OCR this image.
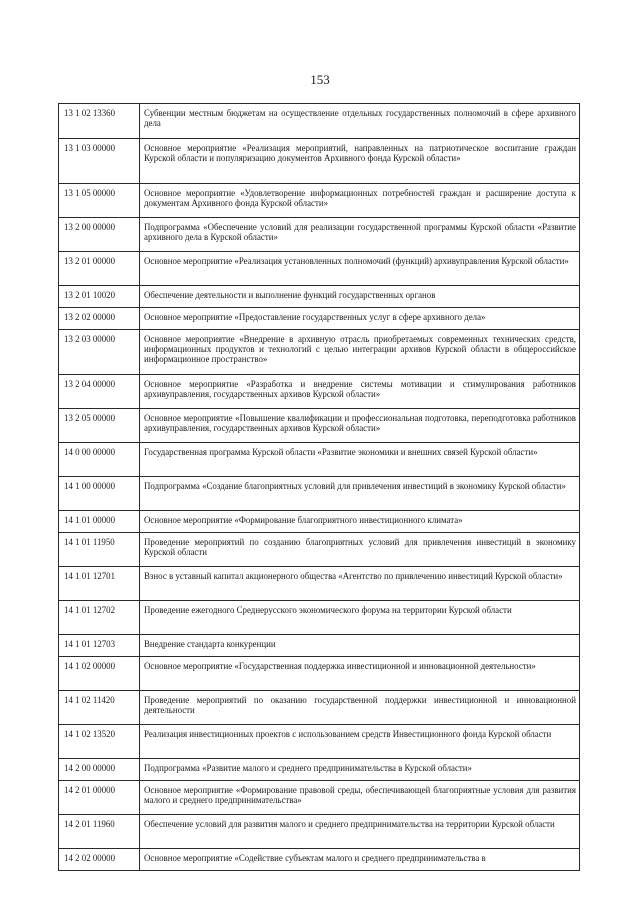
153
13 1 02 13360	Субвенции местным бюджетам на осуществление отдельных государственных полномочий в сфере архивного дела
13 1 03 00000	Основное мероприятие «Реализация мероприятий, направленных на патриотическое воспитание граждан Курской области и популяризацию документов Архивного фонда Курской области»
13 1 05 00000	Основное мероприятие «Удовлетворение информационных потребностей граждан и расширение доступа к документам Архивного фонда Курской области»
13 2 00 00000	Подпрограмма «Обеспечение условий для реализации государственной программы Курской области «Развитие архивного дела в Курской области»
13 2 01 00000	Основное мероприятие «Реализация установленных полномочий (функций) архивуправления Курской области»
13 2 01 10020	Обеспечение деятельности и выполнение функций государственных органов
13 2 02 00000	Основное мероприятие «Предоставление государственных услуг в сфере архивного дела»
13 2 03 00000	Основное мероприятие «Внедрение в архивную отрасль приобретаемых современных технических средств, информационных продуктов и технологий с целью интеграции архивов Курской области в общероссийское информационное пространство»
13 2 04 00000	Основное мероприятие «Разработка и внедрение системы мотивации и стимулирования работников архивуправления, государственных архивов Курской области»
13 2 05 00000	Основное мероприятие «Повышение квалификации и профессиональная подготовка, переподготовка работников архивуправления, государственных архивов Курской области»
14 0 00 00000	Государственная программа Курской области «Развитие экономики и внешних связей Курской области»
14 1 00 00000	Подпрограмма «Создание благоприятных условий для привлечения инвестиций в экономику Курской области»
14 1 01 00000	Основное мероприятие «Формирование благоприятного инвестиционного климата»
14 1 01 11950	Проведение мероприятий по созданию благоприятных условий для привлечения инвестиций в экономику Курской области
14 1 01 12701	Взнос в уставный капитал акционерного общества «Агентство по привлечению инвестиций Курской области»
14 1 01 12702	Проведение ежегодного Среднерусского экономического форума на территории Курской области
14 1 01 12703	Внедрение стандарта конкуренции
14 1 02 00000	Основное мероприятие «Государственная поддержка инвестиционной и инновационной деятельности»
14 1 02 11420	Проведение мероприятий по оказанию государственной поддержки инвестиционной и инновационной деятельности
14 1 02 13520	Реализация инвестиционных проектов с использованием средств Инвестиционного фонда Курской области
14 2 00 00000	Подпрограмма «Развитие малого и среднего предпринимательства в Курской области»
14 2 01 00000	Основное мероприятие «Формирование правовой среды, обеспечивающей благоприятные условия для развития малого и среднего предпринимательства»
14 2 01 11960	Обеспечение условий для развития малого и среднего предпринимательства на территории Курской области
14 2 02 00000	Основное мероприятие «Содействие субъектам малого и среднего предпринимательства в
